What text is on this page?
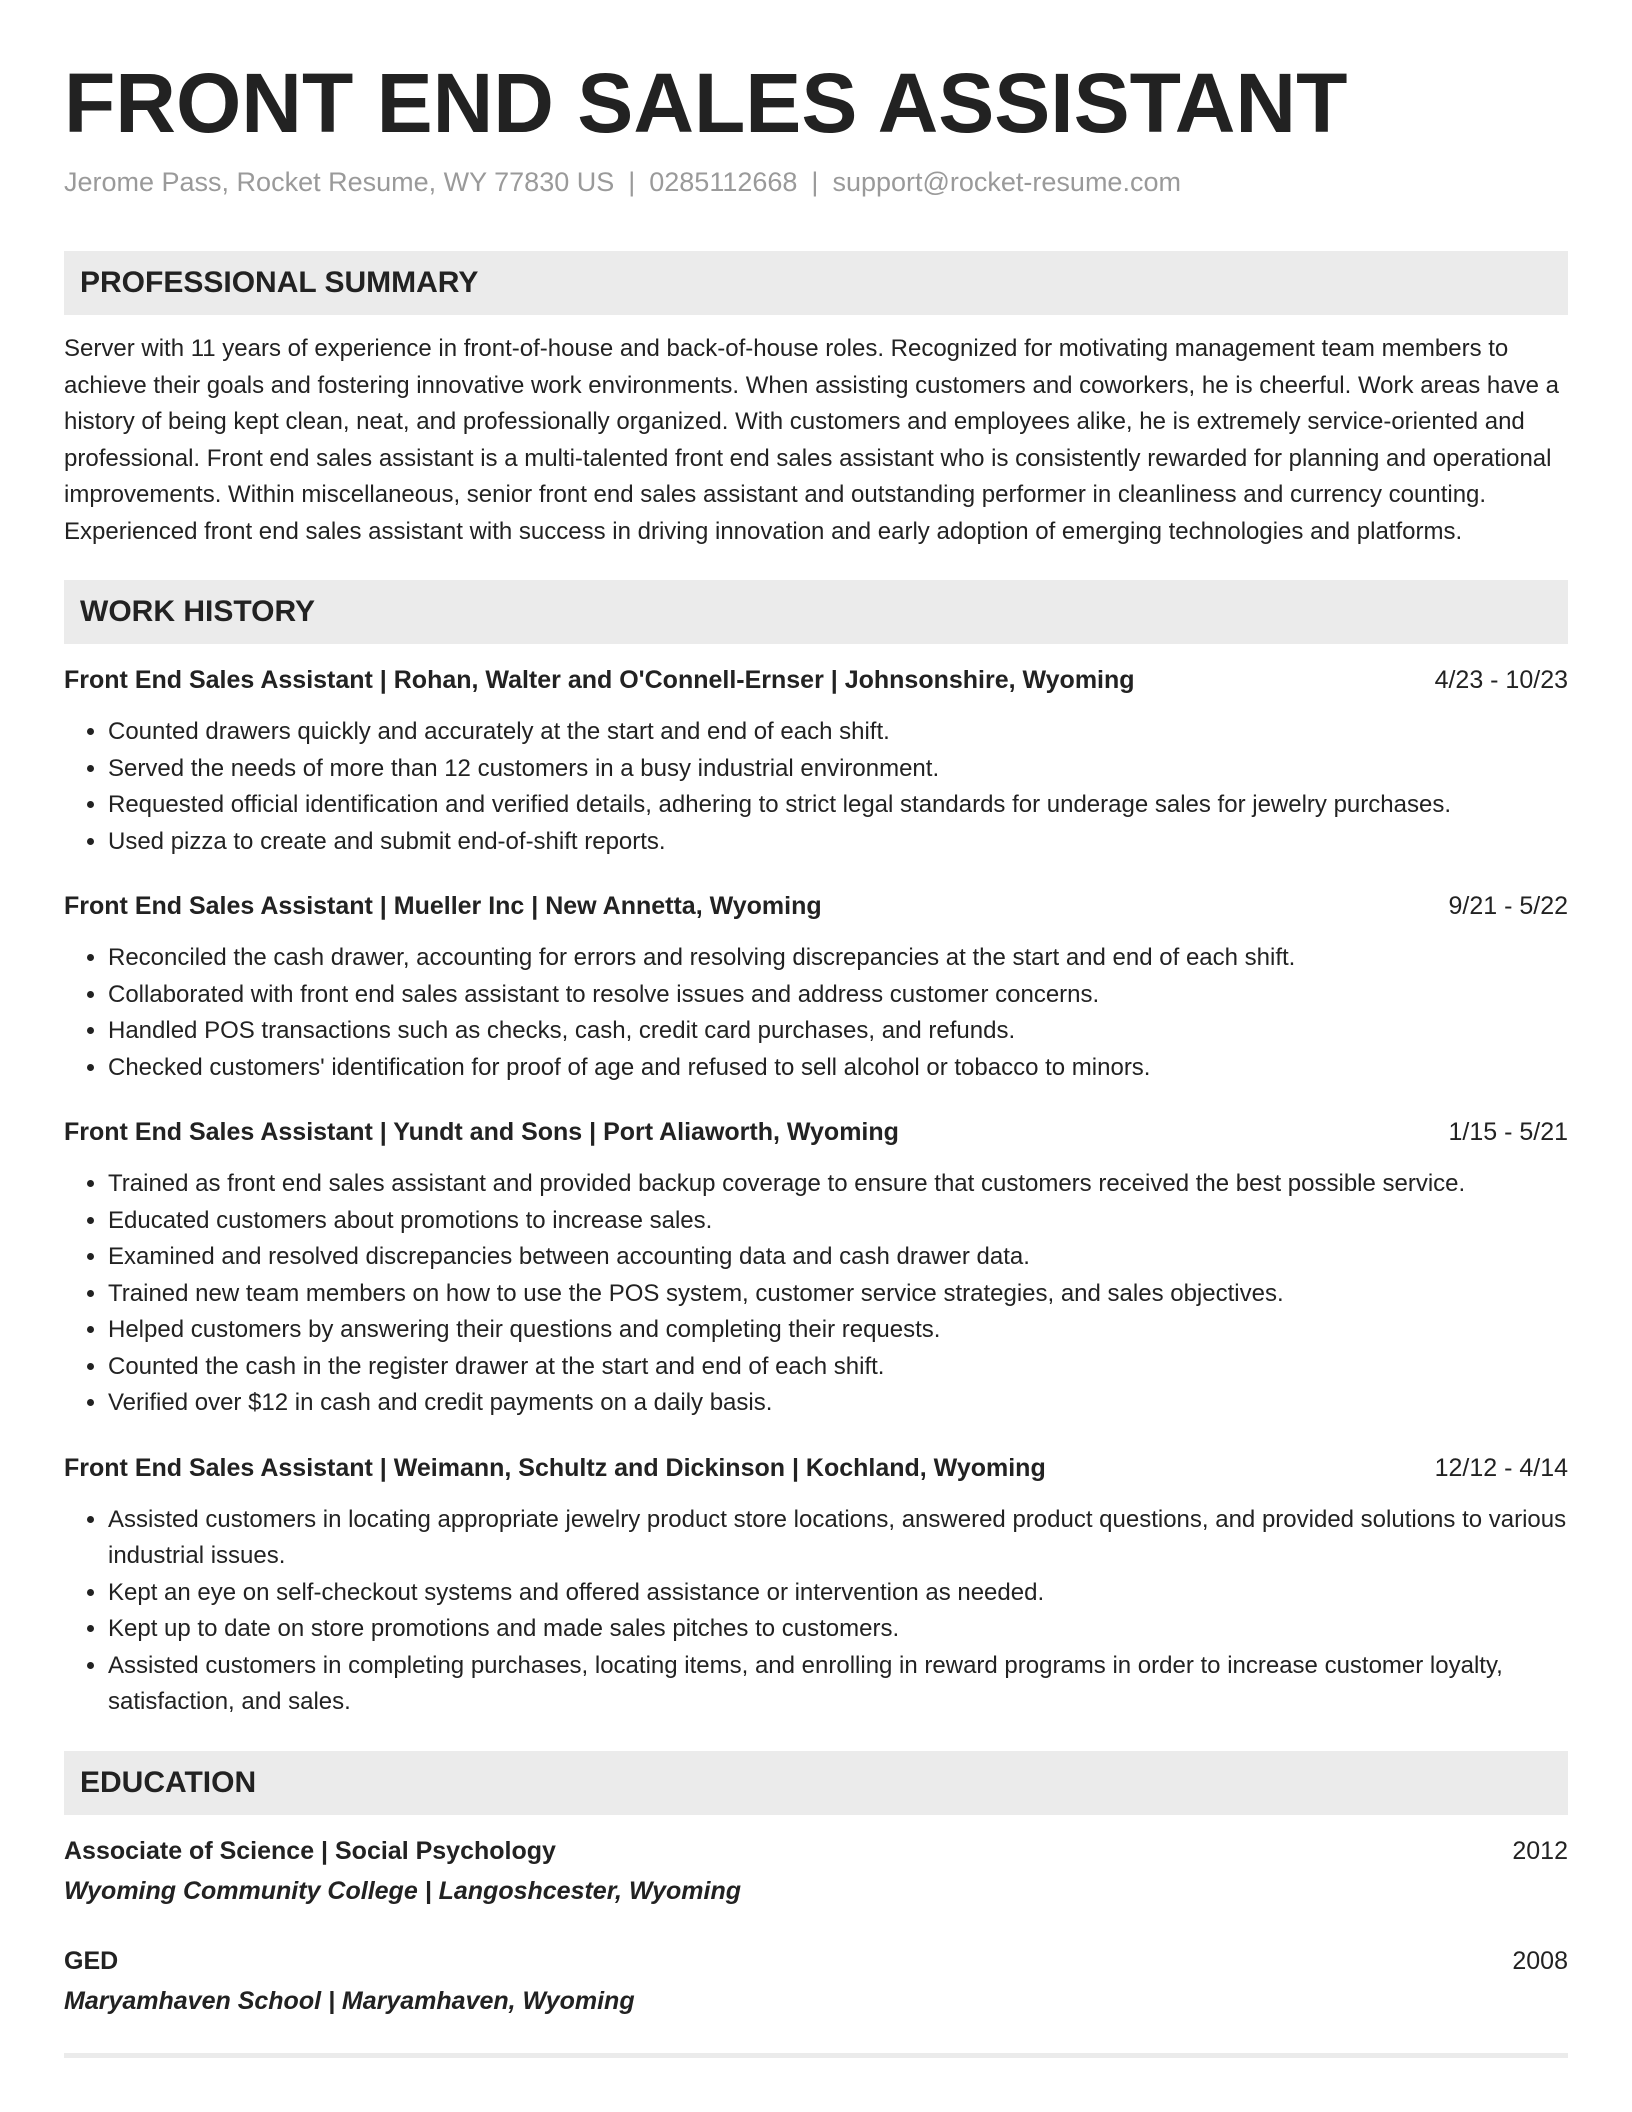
FRONT END SALES ASSISTANT
Jerome Pass, Rocket Resume, WY 77830 US | 0285112668 | support@rocket-resume.com
PROFESSIONAL SUMMARY
Server with 11 years of experience in front-of-house and back-of-house roles. Recognized for motivating management team members to achieve their goals and fostering innovative work environments. When assisting customers and coworkers, he is cheerful. Work areas have a history of being kept clean, neat, and professionally organized. With customers and employees alike, he is extremely service-oriented and professional. Front end sales assistant is a multi-talented front end sales assistant who is consistently rewarded for planning and operational improvements. Within miscellaneous, senior front end sales assistant and outstanding performer in cleanliness and currency counting. Experienced front end sales assistant with success in driving innovation and early adoption of emerging technologies and platforms.
WORK HISTORY
Front End Sales Assistant | Rohan, Walter and O'Connell-Ernser | Johnsonshire, Wyoming	4/23 - 10/23
• Counted drawers quickly and accurately at the start and end of each shift.
• Served the needs of more than 12 customers in a busy industrial environment.
• Requested official identification and verified details, adhering to strict legal standards for underage sales for jewelry purchases.
• Used pizza to create and submit end-of-shift reports.
Front End Sales Assistant | Mueller Inc | New Annetta, Wyoming	9/21 - 5/22
• Reconciled the cash drawer, accounting for errors and resolving discrepancies at the start and end of each shift.
• Collaborated with front end sales assistant to resolve issues and address customer concerns.
• Handled POS transactions such as checks, cash, credit card purchases, and refunds.
• Checked customers' identification for proof of age and refused to sell alcohol or tobacco to minors.
Front End Sales Assistant | Yundt and Sons | Port Aliaworth, Wyoming	1/15 - 5/21
• Trained as front end sales assistant and provided backup coverage to ensure that customers received the best possible service.
• Educated customers about promotions to increase sales.
• Examined and resolved discrepancies between accounting data and cash drawer data.
• Trained new team members on how to use the POS system, customer service strategies, and sales objectives.
• Helped customers by answering their questions and completing their requests.
• Counted the cash in the register drawer at the start and end of each shift.
• Verified over $12 in cash and credit payments on a daily basis.
Front End Sales Assistant | Weimann, Schultz and Dickinson | Kochland, Wyoming	12/12 - 4/14
• Assisted customers in locating appropriate jewelry product store locations, answered product questions, and provided solutions to various industrial issues.
• Kept an eye on self-checkout systems and offered assistance or intervention as needed.
• Kept up to date on store promotions and made sales pitches to customers.
• Assisted customers in completing purchases, locating items, and enrolling in reward programs in order to increase customer loyalty, satisfaction, and sales.
EDUCATION
Associate of Science | Social Psychology	2012
Wyoming Community College | Langoshcester, Wyoming
GED	2008
Maryamhaven School | Maryamhaven, Wyoming
